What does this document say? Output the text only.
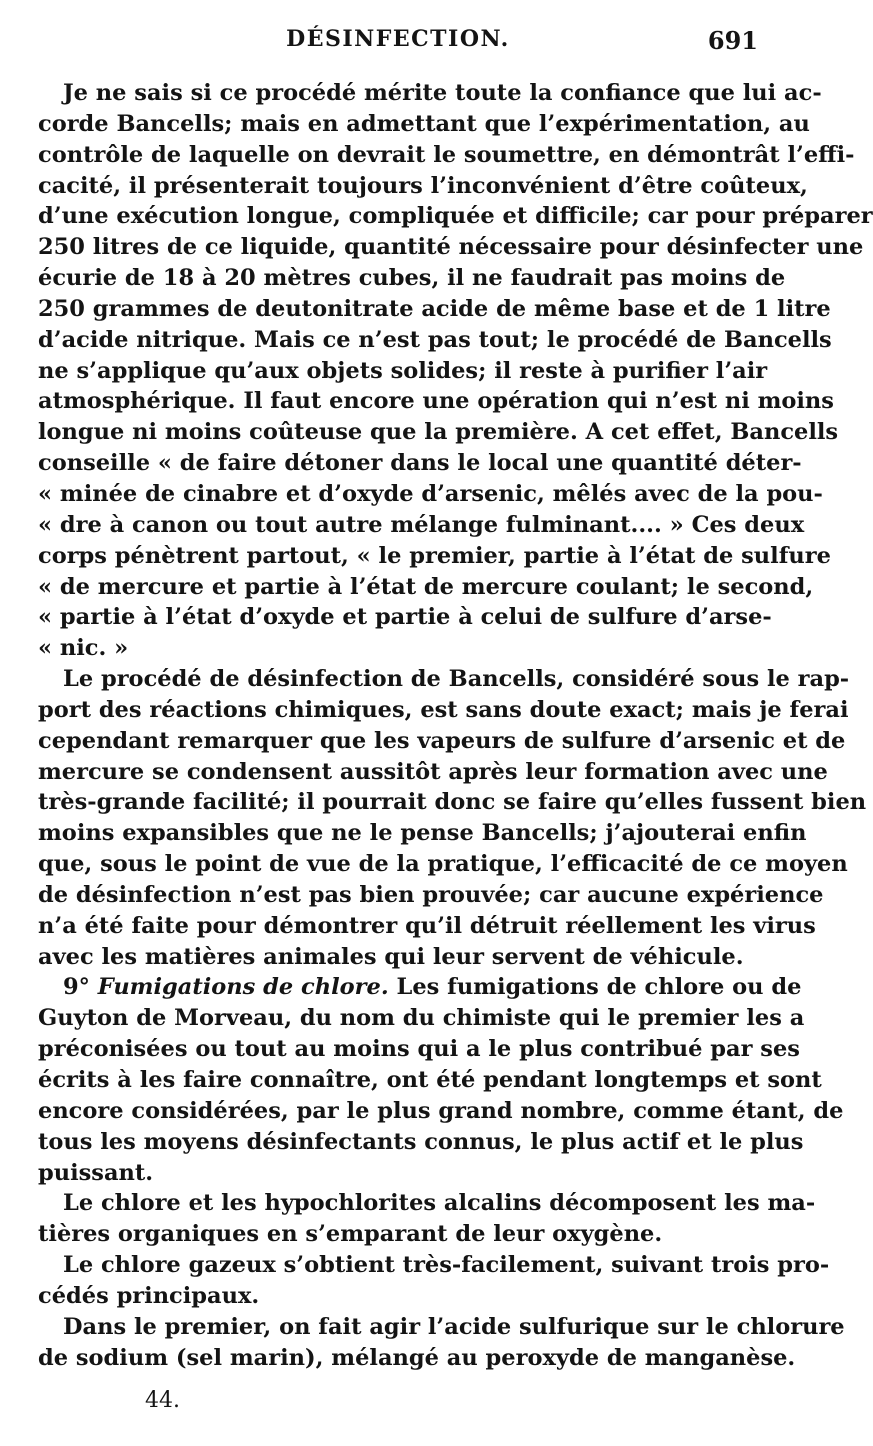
DÉSINFECTION.	691
Je ne sais si ce procédé mérite toute la confiance que lui ac-
corde Bancells; mais en admettant que l’expérimentation, au
contrôle de laquelle on devrait le soumettre, en démontrât l’effi-
cacité, il présenterait toujours l’inconvénient d’être coûteux,
d’une exécution longue, compliquée et difficile; car pour préparer
250 litres de ce liquide, quantité nécessaire pour désinfecter une
écurie de 18 à 20 mètres cubes, il ne faudrait pas moins de
250 grammes de deutonitrate acide de même base et de 1 litre
d’acide nitrique. Mais ce n’est pas tout; le procédé de Bancells
ne s’applique qu’aux objets solides; il reste à purifier l’air
atmosphérique. Il faut encore une opération qui n’est ni moins
longue ni moins coûteuse que la première. A cet effet, Bancells
conseille « de faire détoner dans le local une quantité déter-
« minée de cinabre et d’oxyde d’arsenic, mêlés avec de la pou-
« dre à canon ou tout autre mélange fulminant.... » Ces deux
corps pénètrent partout, « le premier, partie à l’état de sulfure
« de mercure et partie à l’état de mercure coulant; le second,
« partie à l’état d’oxyde et partie à celui de sulfure d’arse-
« nic. »
Le procédé de désinfection de Bancells, considéré sous le rap-
port des réactions chimiques, est sans doute exact; mais je ferai
cependant remarquer que les vapeurs de sulfure d’arsenic et de
mercure se condensent aussitôt après leur formation avec une
très-grande facilité; il pourrait donc se faire qu’elles fussent bien
moins expansibles que ne le pense Bancells; j’ajouterai enfin
que, sous le point de vue de la pratique, l’efficacité de ce moyen
de désinfection n’est pas bien prouvée; car aucune expérience
n’a été faite pour démontrer qu’il détruit réellement les virus
avec les matières animales qui leur servent de véhicule.
9° Fumigations de chlore. Les fumigations de chlore ou de
Guyton de Morveau, du nom du chimiste qui le premier les a
préconisées ou tout au moins qui a le plus contribué par ses
écrits à les faire connaître, ont été pendant longtemps et sont
encore considérées, par le plus grand nombre, comme étant, de
tous les moyens désinfectants connus, le plus actif et le plus
puissant.
Le chlore et les hypochlorites alcalins décomposent les ma-
tières organiques en s’emparant de leur oxygène.
Le chlore gazeux s’obtient très-facilement, suivant trois pro-
cédés principaux.
Dans le premier, on fait agir l’acide sulfurique sur le chlorure
de sodium (sel marin), mélangé au peroxyde de manganèse.
44.
